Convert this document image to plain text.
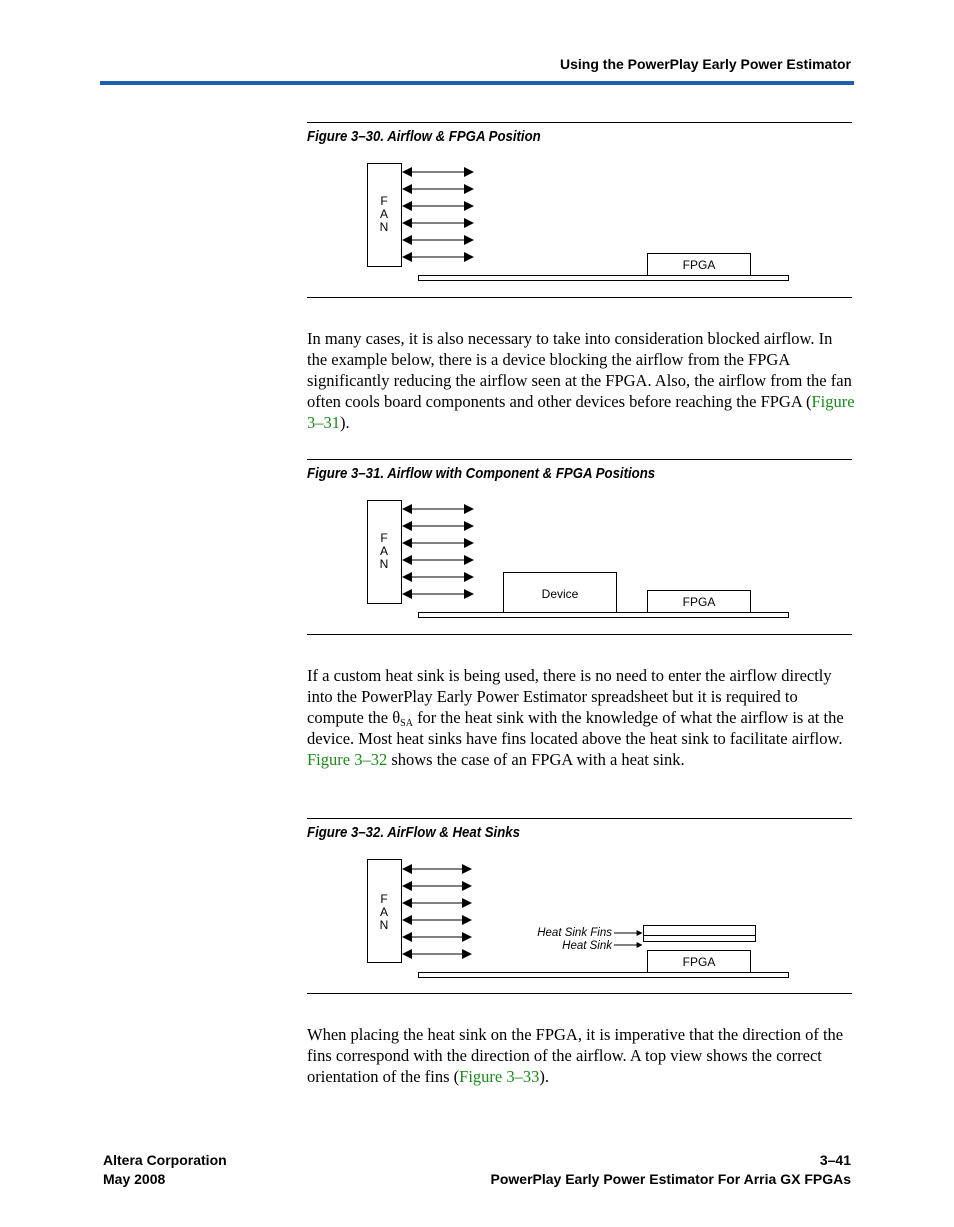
Using the PowerPlay Early Power Estimator
Figure 3–30. Airflow & FPGA Position
F
A
N
FPGA

In many cases, it is also necessary to take into consideration blocked airflow. In the example below, there is a device blocking the airflow from the FPGA significantly reducing the airflow seen at the FPGA. Also, the airflow from the fan often cools board components and other devices before reaching the FPGA (Figure 3–31).

Figure 3–31. Airflow with Component & FPGA Positions
F
A
N
Device
FPGA

If a custom heat sink is being used, there is no need to enter the airflow directly into the PowerPlay Early Power Estimator spreadsheet but it is required to compute the $\theta_{SA}$ for the heat sink with the knowledge of what the airflow is at the device. Most heat sinks have fins located above the heat sink to facilitate airflow. Figure 3–32 shows the case of an FPGA with a heat sink.

Figure 3–32. AirFlow & Heat Sinks
F
A
N
FPGA
Heat Sink Fins
Heat Sink

When placing the heat sink on the FPGA, it is imperative that the direction of the fins correspond with the direction of the airflow. A top view shows the correct orientation of the fins (Figure 3–33).

Altera Corporation
May 2008
3–41
PowerPlay Early Power Estimator For Arria GX FPGAs
